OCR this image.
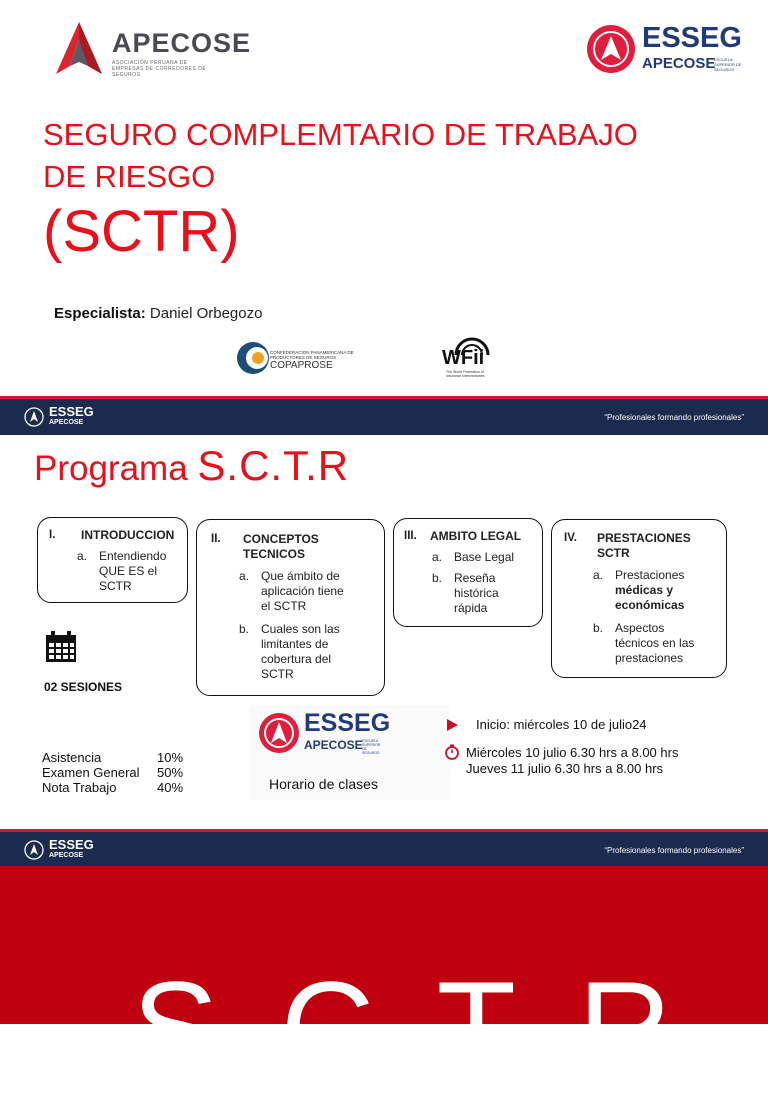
APECOSE
ASOCIACIÓN PERUANA DE EMPRESAS DE CORREDORES DE SEGUROS
ESSEG
APECOSE
ESCUELA SUPERIOR DE SEGUROS
SEGURO COMPLEMTARIO DE TRABAJO
DE RIESGO
(SCTR)
Especialista: Daniel Orbegozo
CONFEDERACION PANAMERICANA DE PRODUCTORES DE SEGUROS
COPAPROSE	WFii
The World Federation of Insurance Intermediaries
ESSEG
APECOSE
“Profesionales formando profesionales”
Programa S.C.T.R
I. INTRODUCCION
a. Entendiendo
QUE ES el
SCTR
II. CONCEPTOS
TECNICOS
a. Que ámbito de
aplicación tiene
el SCTR
b. Cuales son las
limitantes de
cobertura del
SCTR
III. AMBITO LEGAL
a. Base Legal
b. Reseña
histórica
rápida
IV. PRESTACIONES
SCTR
a. Prestaciones
médicas y
económicas
b. Aspectos
técnicos en las
prestaciones
02 SESIONES
Asistencia	10%
Examen General 50%
Nota Trabajo	40%
ESSEG
APECOSE ESCUELA SUPERIOR DE SEGUROS
Horario de clases
Inicio: miércoles 10 de julio24
Miércoles 10 julio 6.30 hrs a 8.00 hrs
Jueves 11 julio 6.30 hrs a 8.00 hrs
ESSEG
APECOSE
“Profesionales formando profesionales”
SCTR
